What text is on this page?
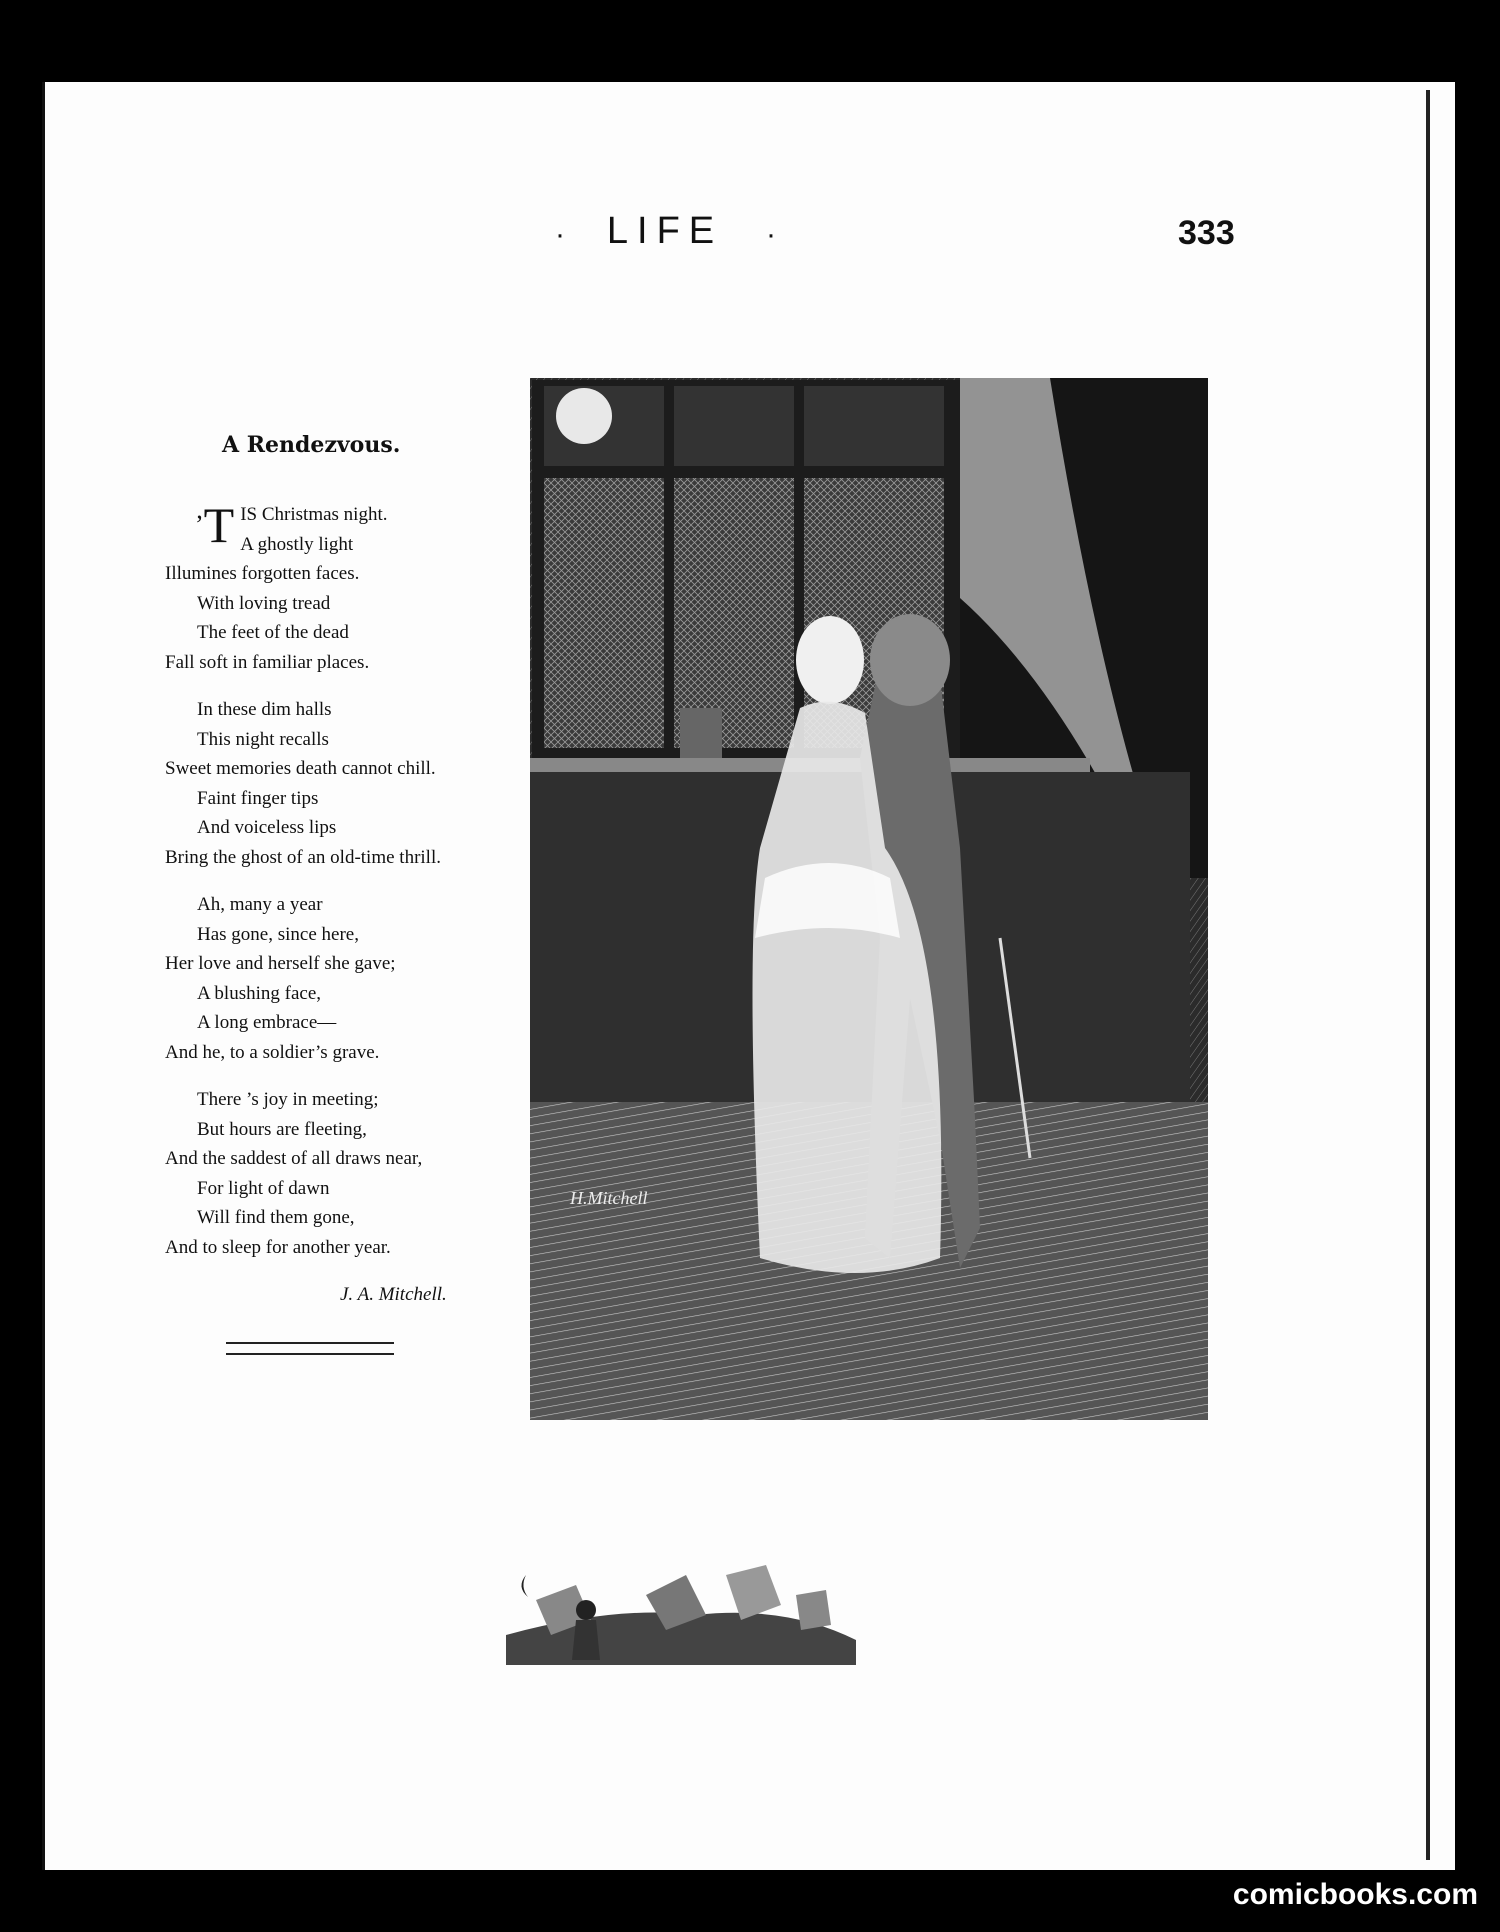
·	LIFE	·	333
A Rendezvous.
’T IS Christmas night.
A ghostly light
Illumines forgotten faces.
With loving tread
The feet of the dead
Fall soft in familiar places.
In these dim halls
This night recalls
Sweet memories death cannot chill.
Faint finger tips
And voiceless lips
Bring the ghost of an old-time thrill.
Ah, many a year
Has gone, since here,
Her love and herself she gave;
A blushing face,
A long embrace—
And he, to a soldier’s grave.
There ’s joy in meeting;
But hours are fleeting,
And the saddest of all draws near,
For light of dawn
Will find them gone,
And to sleep for another year.
J. A. Mitchell.
H.Mitchell
comicbooks.com
